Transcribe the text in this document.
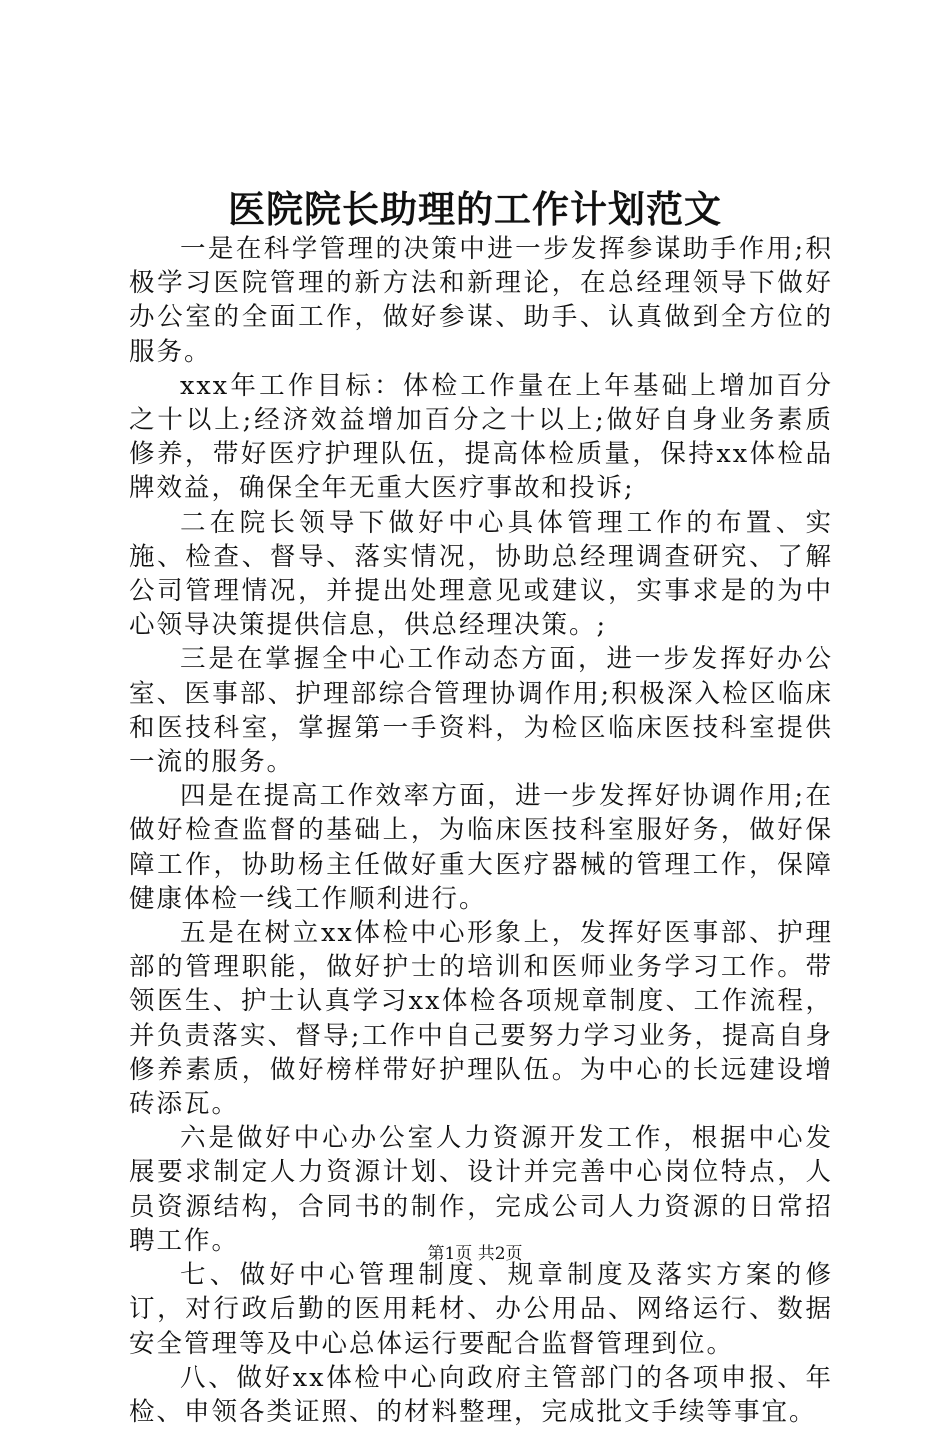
医院院长助理的工作计划范文

一是在科学管理的决策中进一步发挥参谋助手作用;积极学习医院管理的新方法和新理论，在总经理领导下做好办公室的全面工作，做好参谋、助手、认真做到全方位的服务。

xxx年工作目标：体检工作量在上年基础上增加百分之十以上;经济效益增加百分之十以上;做好自身业务素质修养，带好医疗护理队伍，提高体检质量，保持xx体检品牌效益，确保全年无重大医疗事故和投诉;

二在院长领导下做好中心具体管理工作的布置、实施、检查、督导、落实情况，协助总经理调查研究、了解公司管理情况，并提出处理意见或建议，实事求是的为中心领导决策提供信息，供总经理决策。;

三是在掌握全中心工作动态方面，进一步发挥好办公室、医事部、护理部综合管理协调作用;积极深入检区临床和医技科室，掌握第一手资料，为检区临床医技科室提供一流的服务。

四是在提高工作效率方面，进一步发挥好协调作用;在做好检查监督的基础上，为临床医技科室服好务，做好保障工作，协助杨主任做好重大医疗器械的管理工作，保障健康体检一线工作顺利进行。

五是在树立xx体检中心形象上，发挥好医事部、护理部的管理职能，做好护士的培训和医师业务学习工作。带领医生、护士认真学习xx体检各项规章制度、工作流程，并负责落实、督导;工作中自己要努力学习业务，提高自身修养素质，做好榜样带好护理队伍。为中心的长远建设增砖添瓦。

六是做好中心办公室人力资源开发工作，根据中心发展要求制定人力资源计划、设计并完善中心岗位特点，人员资源结构，合同书的制作，完成公司人力资源的日常招聘工作。

七、做好中心管理制度、规章制度及落实方案的修订，对行政后勤的医用耗材、办公用品、网络运行、数据安全管理等及中心总体运行要配合监督管理到位。

八、做好xx体检中心向政府主管部门的各项申报、年检、申领各类证照、的材料整理，完成批文手续等事宜。

第1页 共2页
